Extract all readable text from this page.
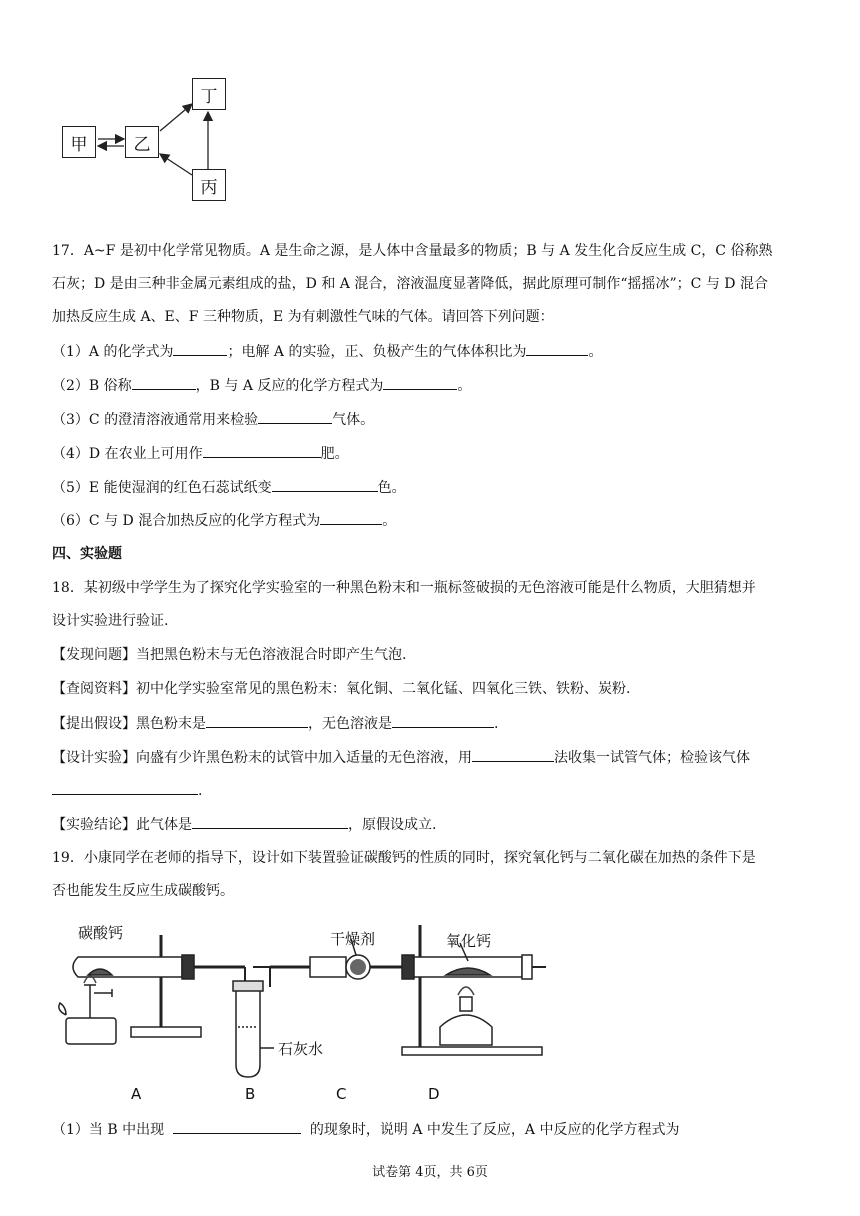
甲	乙
丁
丙
17．A~F 是初中化学常见物质。A 是生命之源，是人体中含量最多的物质；B 与 A 发生化合反应生成 C，C 俗称熟
石灰；D 是由三种非金属元素组成的盐，D 和 A 混合，溶液温度显著降低，据此原理可制作“摇摇冰”；C 与 D 混合
加热反应生成 A、E、F 三种物质，E 为有刺激性气味的气体。请回答下列问题：
（1）A 的化学式为	；电解 A 的实验，正、负极产生的气体体积比为	。
（2）B 俗称	，B 与 A 反应的化学方程式为	。
（3）C 的澄清溶液通常用来检验	气体。
（4）D 在农业上可用作	肥。
（5）E 能使湿润的红色石蕊试纸变	色。
（6）C 与 D 混合加热反应的化学方程式为	。
四、实验题
18．某初级中学学生为了探究化学实验室的一种黑色粉末和一瓶标签破损的无色溶液可能是什么物质，大胆猜想并
设计实验进行验证.
【发现问题】当把黑色粉末与无色溶液混合时即产生气泡.
【查阅资料】初中化学实验室常见的黑色粉末：氧化铜、二氧化锰、四氧化三铁、铁粉、炭粉.
【提出假设】黑色粉末是	，无色溶液是	.
【设计实验】向盛有少许黑色粉末的试管中加入适量的无色溶液，用	法收集一试管气体；检验该气体
.
【实验结论】此气体是	，原假设成立.
19．小康同学在老师的指导下，设计如下装置验证碳酸钙的性质的同时，探究氧化钙与二氧化碳在加热的条件下是
否也能发生反应生成碳酸钙。
碳酸钙	干燥剂	氧化钙
石灰水
A	B	C	D
（1）当 B 中出现	的现象时，说明 A 中发生了反应，A 中反应的化学方程式为
试卷第 4页，共 6页
